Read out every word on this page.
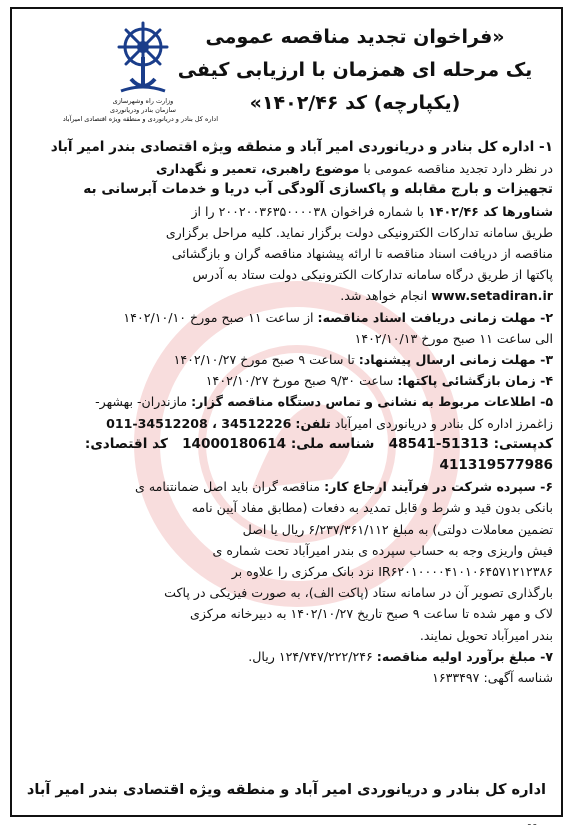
«فراخوان تجدید مناقصه عمومی
یک مرحله ای همزمان با ارزیابی کیفی
(یکپارچه) کد ۱۴۰۲/۴۶»
وزارت راه وشهرسازی
سازمان بنادر ودریانوردی
اداره کل بنادر و دریانوردی و منطقه ویژه اقتصادی امیرآباد
۱- اداره کل بنادر و دریانوردی امیر آباد و منطقه ویژه اقتصادی بندر امیر آباد
در نظر دارد تجدید مناقصه عمومی با موضوع راهبری، تعمیر و نگهداری
تجهیزات و بارج مقابله و پاکسازی آلودگی آب دریا و خدمات آبرسانی به
شناورها کد ۱۴۰۲/۴۶ با شماره فراخوان ۲۰۰۲۰۰۳۶۳۵۰۰۰۰۳۸ را از
طریق سامانه تدارکات الکترونیکی دولت برگزار نماید. کلیه مراحل برگزاری
مناقصه از دریافت اسناد مناقصه تا ارائه پیشنهاد مناقصه گران و بازگشائی
پاکتها از طریق درگاه سامانه تدارکات الکترونیکی دولت ستاد به آدرس
www.setadiran.ir انجام خواهد شد.
۲- مهلت زمانی دریافت اسناد مناقصه: از ساعت ۱۱ صبح مورخ ۱۴۰۲/۱۰/۱۰
الی ساعت ۱۱ صبح مورخ ۱۴۰۲/۱۰/۱۳
۳- مهلت زمانی ارسال پیشنهاد: تا ساعت ۹ صبح مورخ ۱۴۰۲/۱۰/۲۷
۴- زمان بازگشائی پاکتها: ساعت ۹/۳۰ صبح مورخ ۱۴۰۲/۱۰/۲۷
۵- اطلاعات مربوط به نشانی و تماس دستگاه مناقصه گزار: مازندران- بهشهر-
زاغمرز اداره کل بنادر و دریانوردی امیرآباد تلفن: 011-34512208 ، 34512226
کدپستی: 48541-51313   شناسه ملی: 14000180614   کد اقتصادی:
411319577986
۶- سپرده شرکت در فرآیند ارجاع کار: مناقصه گران باید اصل ضمانتنامه ی
بانکی بدون قید و شرط و قابل تمدید به دفعات (مطابق مفاد آیین نامه
تضمین معاملات دولتی) به مبلغ ۶/۲۳۷/۳۶۱/۱۱۲ ریال یا اصل
فیش واریزی وجه به حساب سپرده ی بندر امیرآباد تحت شماره ی
IR۶۲۰۱۰۰۰۰۴۱۰۱۰۶۴۵۷۱۲۱۲۳۸۶ نزد بانک مرکزی را علاوه بر
بارگذاری تصویر آن در سامانه ستاد (پاکت الف)، به صورت فیزیکی در پاکت
لاک و مهر شده تا ساعت ۹ صبح تاریخ ۱۴۰۲/۱۰/۲۷ به دبیرخانه مرکزی
بندر امیرآباد تحویل نمایند.
۷- مبلغ برآورد اولیه مناقصه: ۱۲۴/۷۴۷/۲۲۲/۲۴۶ ریال.
شناسه آگهی: ۱۶۳۳۴۹۷
اداره کل بنادر و دریانوردی امیر آباد و منطقه ویژه اقتصادی بندر امیر آباد
ـ ـ
